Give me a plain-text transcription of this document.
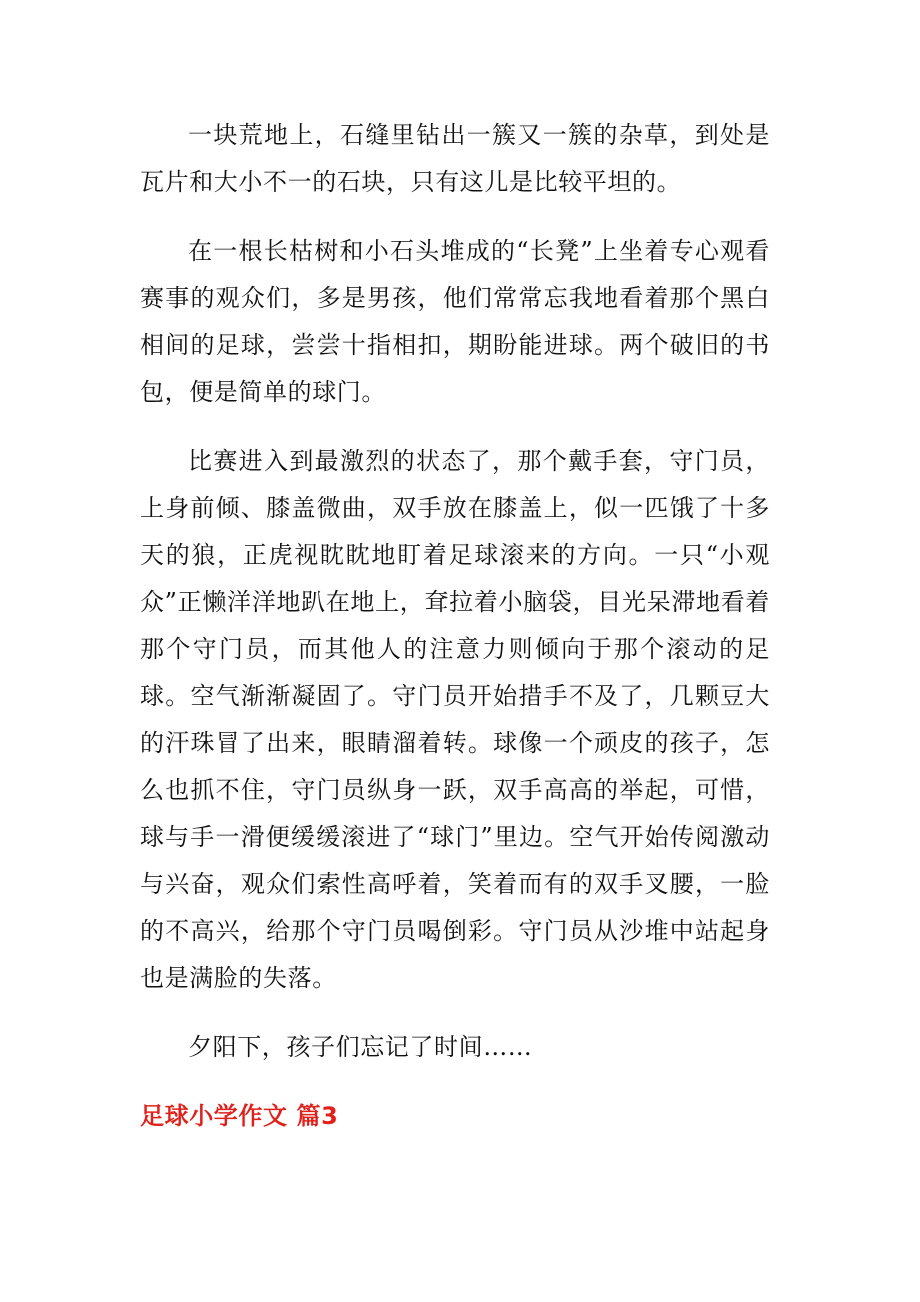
一块荒地上，石缝里钻出一簇又一簇的杂草，到处是瓦片和大小不一的石块，只有这儿是比较平坦的。

在一根长枯树和小石头堆成的“长凳”上坐着专心观看赛事的观众们，多是男孩，他们常常忘我地看着那个黑白相间的足球，尝尝十指相扣，期盼能进球。两个破旧的书包，便是简单的球门。

比赛进入到最激烈的状态了，那个戴手套，守门员，上身前倾、膝盖微曲，双手放在膝盖上，似一匹饿了十多天的狼，正虎视眈眈地盯着足球滚来的方向。一只“小观众”正懒洋洋地趴在地上，耷拉着小脑袋，目光呆滞地看着那个守门员，而其他人的注意力则倾向于那个滚动的足球。空气渐渐凝固了。守门员开始措手不及了，几颗豆大的汗珠冒了出来，眼睛溜着转。球像一个顽皮的孩子，怎么也抓不住，守门员纵身一跃，双手高高的举起，可惜，球与手一滑便缓缓滚进了“球门”里边。空气开始传阅激动与兴奋，观众们索性高呼着，笑着而有的双手叉腰，一脸的不高兴，给那个守门员喝倒彩。守门员从沙堆中站起身也是满脸的失落。

夕阳下，孩子们忘记了时间……

足球小学作文 篇3
